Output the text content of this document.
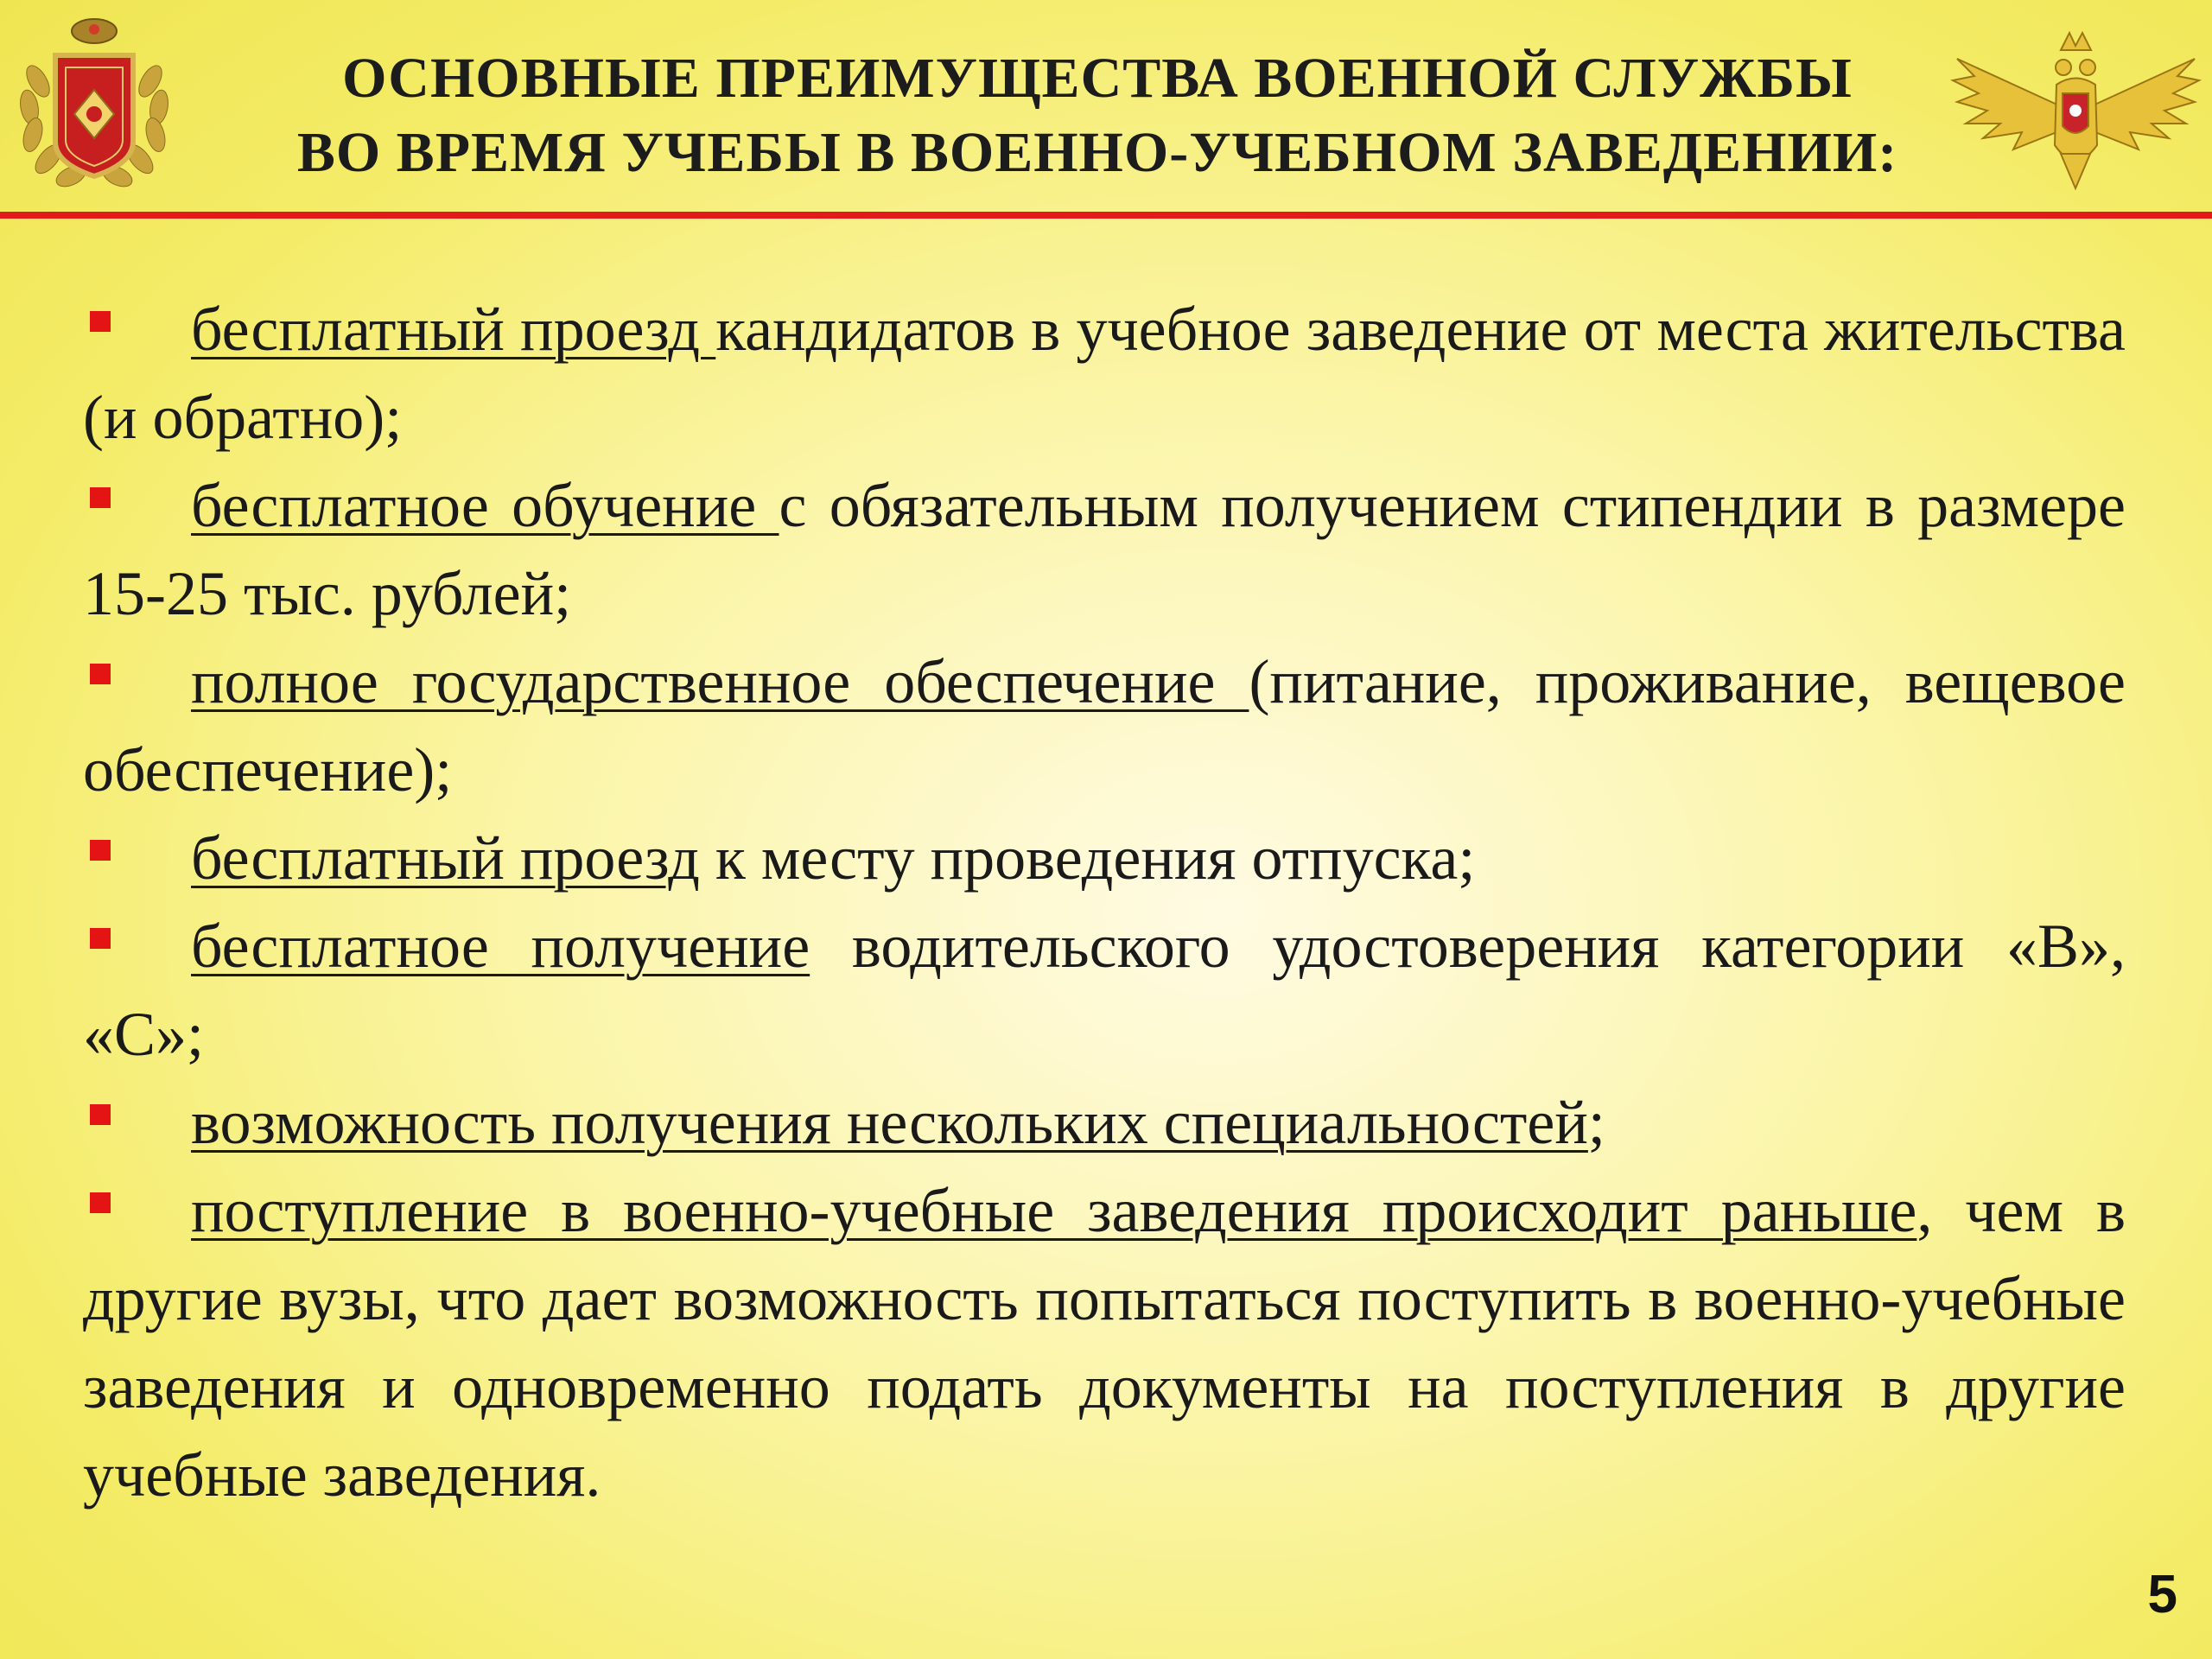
ОСНОВНЫЕ ПРЕИМУЩЕСТВА ВОЕННОЙ СЛУЖБЫ
ВО ВРЕМЯ УЧЕБЫ В ВОЕННО-УЧЕБНОМ ЗАВЕДЕНИИ:

бесплатный проезд кандидатов в учебное заведение от места жительства (и обратно);

бесплатное обучение с обязательным получением стипендии в размере 15-25 тыс. рублей;

полное государственное обеспечение (питание, проживание, вещевое обеспечение);

бесплатный проезд к месту проведения отпуска;

бесплатное получение водительского удостоверения категории «В», «С»;

возможность получения нескольких специальностей;

поступление в военно-учебные заведения происходит раньше, чем в другие вузы, что дает возможность попытаться поступить в военно-учебные заведения и одновременно подать документы на поступления в другие учебные заведения.

5
